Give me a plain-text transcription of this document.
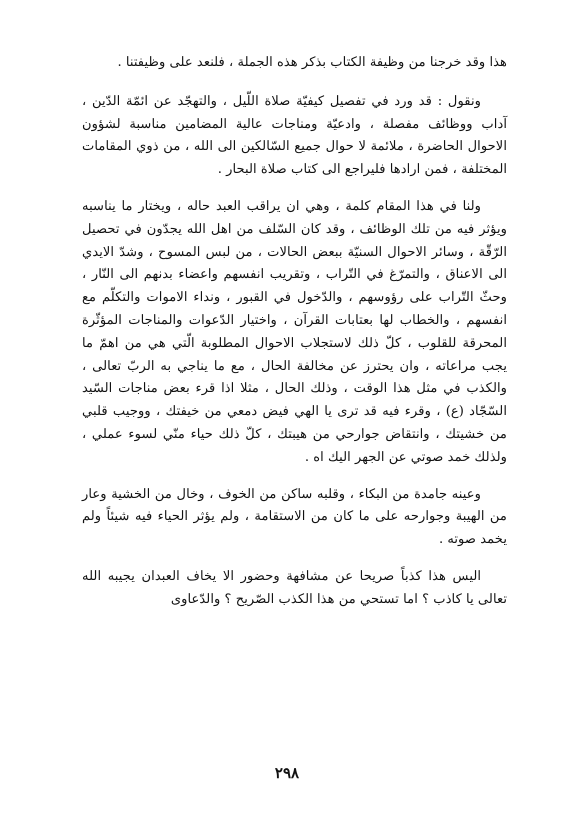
هذا وقد خرجنا من وظيفة الكتاب بذكر هذه الجملة ، فلنعد على وظيفتنا .

ونقول : قد ورد في تفصيل كيفيّة صلاة اللّيل ، والتهجّد عن ائمّة الدّين ، آداب ووظائف مفصلة ، وادعيّة ومناجات عالية المضامين مناسبة لشؤون الاحوال الحاضرة ، ملائمة لا حوال جميع السّالكين الى الله ، من ذوي المقامات المختلفة ، فمن ارادها فليراجع الى كتاب صلاة البحار .

ولنا في هذا المقام كلمة ، وهي ان يراقب العبد حاله ، ويختار ما يناسبه ويؤثر فيه من تلك الوظائف ، وقد كان السّلف من اهل الله يجدّون في تحصيل الرّقّة ، وسائر الاحوال السنيّة ببعض الحالات ، من لبس المسوح ، وشدّ الايدي الى الاعناق ، والتمرّغ في التّراب ، وتقريب انفسهم واعضاء بدنهم الى النّار ، وحثّ التّراب على رؤوسهم ، والدّخول في القبور ، ونداء الاموات والتكلّم مع انفسهم ، والخطاب لها بعتابات القرآن ، واختيار الدّعوات والمناجات المؤثّرة المحرقة للقلوب ، كلّ ذلك لاستجلاب الاحوال المطلوبة الّتي هي من اهمّ ما يجب مراعاته ، وان يحترز عن مخالفة الحال ، مع ما يناجي به الربّ تعالى ، والكذب في مثل هذا الوقت ، وذلك الحال ، مثلا اذا قرء بعض مناجات السّيد السّجّاد (ع) ، وقرء فيه قد ترى يا الهي فيض دمعي من خيفتك ، ووجيب قلبي من خشيتك ، وانتقاض جوارحي من هيبتك ، كلّ ذلك حياء منّي لسوء عملي ، ولذلك خمد صوتي عن الجهر اليك اه .

وعينه جامدة من البكاء ، وقلبه ساكن من الخوف ، وخال من الخشية وعار من الهيبة وجوارحه على ما كان من الاستقامة ، ولم يؤثر الحياء فيه شيئاً ولم يخمد صوته .

اليس هذا كذباً صريحا عن مشافهة وحضور الا يخاف العبدان يجيبه الله تعالى يا كاذب ؟ اما تستحي من هذا الكذب الصّريح ؟ والدّعاوى

٢٩٨
